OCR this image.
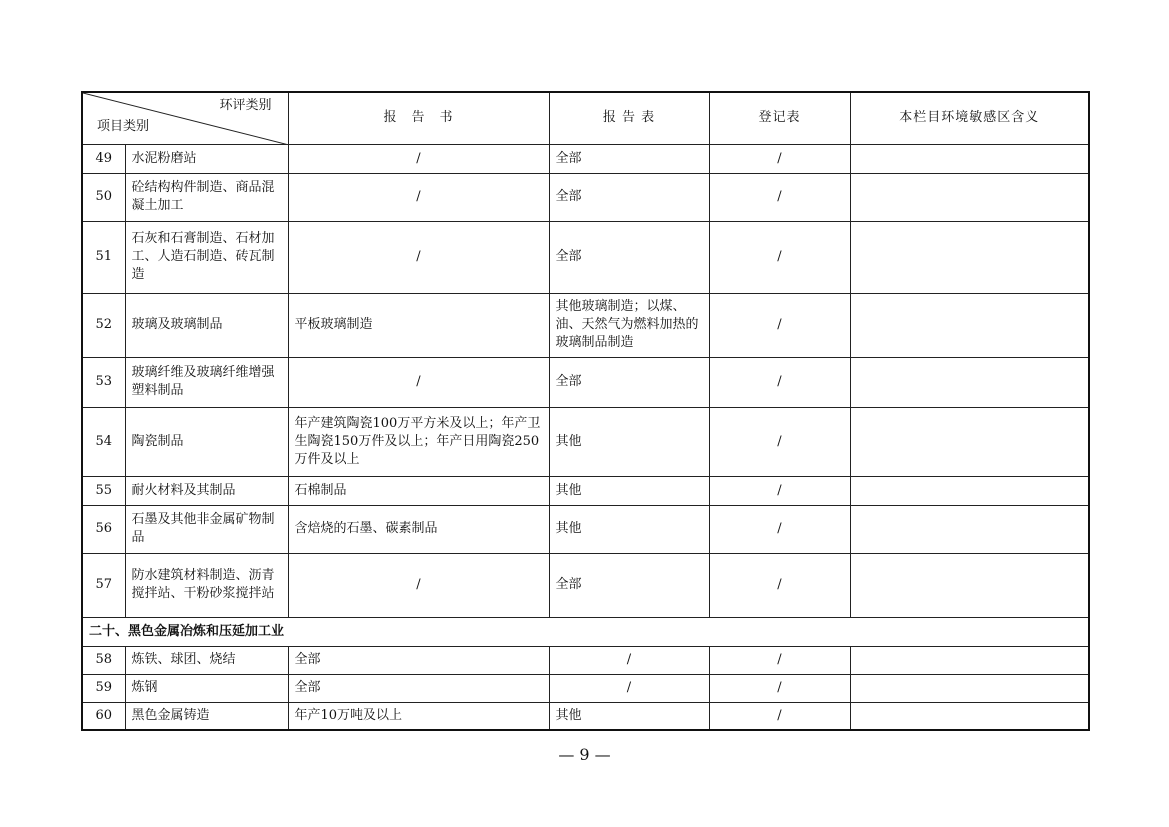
环评类别
项目类别		报　告　书	报 告 表	登记表	本栏目环境敏感区含义
49	水泥粉磨站	/	全部	/	
50	砼结构构件制造、商品混凝土加工	/	全部	/	
51	石灰和石膏制造、石材加工、人造石制造、砖瓦制造	/	全部	/	
52	玻璃及玻璃制品	平板玻璃制造	其他玻璃制造；以煤、油、天然气为燃料加热的玻璃制品制造	/	
53	玻璃纤维及玻璃纤维增强塑料制品	/	全部	/	
54	陶瓷制品	年产建筑陶瓷100万平方米及以上；年产卫生陶瓷150万件及以上；年产日用陶瓷250万件及以上	其他	/	
55	耐火材料及其制品	石棉制品	其他	/	
56	石墨及其他非金属矿物制品	含焙烧的石墨、碳素制品	其他	/	
57	防水建筑材料制造、沥青搅拌站、干粉砂浆搅拌站	/	全部	/	
二十、黑色金属冶炼和压延加工业					
58	炼铁、球团、烧结	全部	/	/	
59	炼钢	全部	/	/	
60	黑色金属铸造	年产10万吨及以上	其他	/	
— 9 —
